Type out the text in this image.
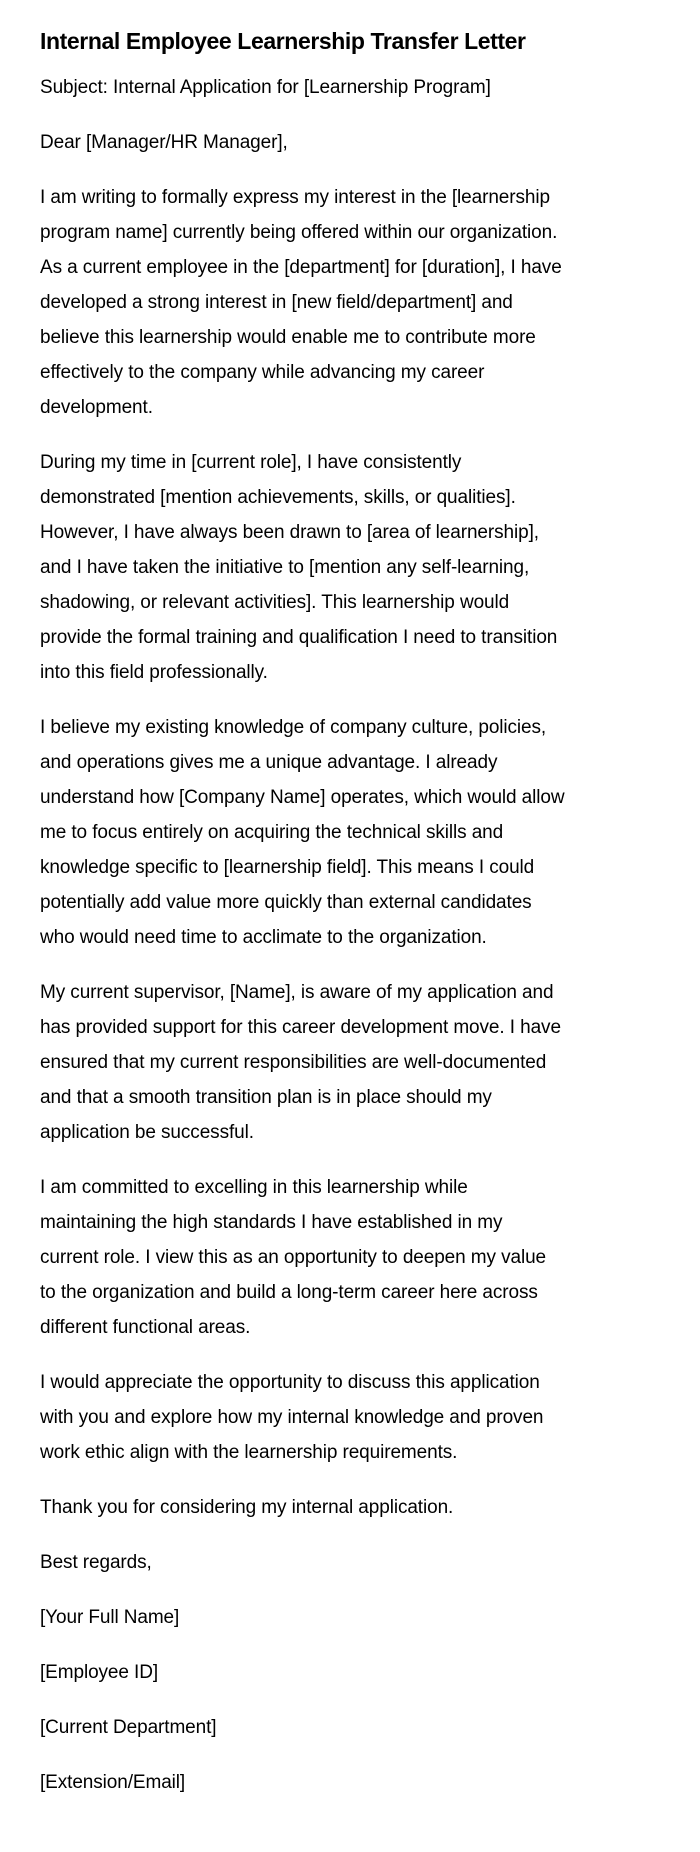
Internal Employee Learnership Transfer Letter

Subject: Internal Application for [Learnership Program]

Dear [Manager/HR Manager],

I am writing to formally express my interest in the [learnership
program name] currently being offered within our organization.
As a current employee in the [department] for [duration], I have
developed a strong interest in [new field/department] and
believe this learnership would enable me to contribute more
effectively to the company while advancing my career
development.

During my time in [current role], I have consistently
demonstrated [mention achievements, skills, or qualities].
However, I have always been drawn to [area of learnership],
and I have taken the initiative to [mention any self-learning,
shadowing, or relevant activities]. This learnership would
provide the formal training and qualification I need to transition
into this field professionally.

I believe my existing knowledge of company culture, policies,
and operations gives me a unique advantage. I already
understand how [Company Name] operates, which would allow
me to focus entirely on acquiring the technical skills and
knowledge specific to [learnership field]. This means I could
potentially add value more quickly than external candidates
who would need time to acclimate to the organization.

My current supervisor, [Name], is aware of my application and
has provided support for this career development move. I have
ensured that my current responsibilities are well-documented
and that a smooth transition plan is in place should my
application be successful.

I am committed to excelling in this learnership while
maintaining the high standards I have established in my
current role. I view this as an opportunity to deepen my value
to the organization and build a long-term career here across
different functional areas.

I would appreciate the opportunity to discuss this application
with you and explore how my internal knowledge and proven
work ethic align with the learnership requirements.

Thank you for considering my internal application.

Best regards,

[Your Full Name]

[Employee ID]

[Current Department]

[Extension/Email]
